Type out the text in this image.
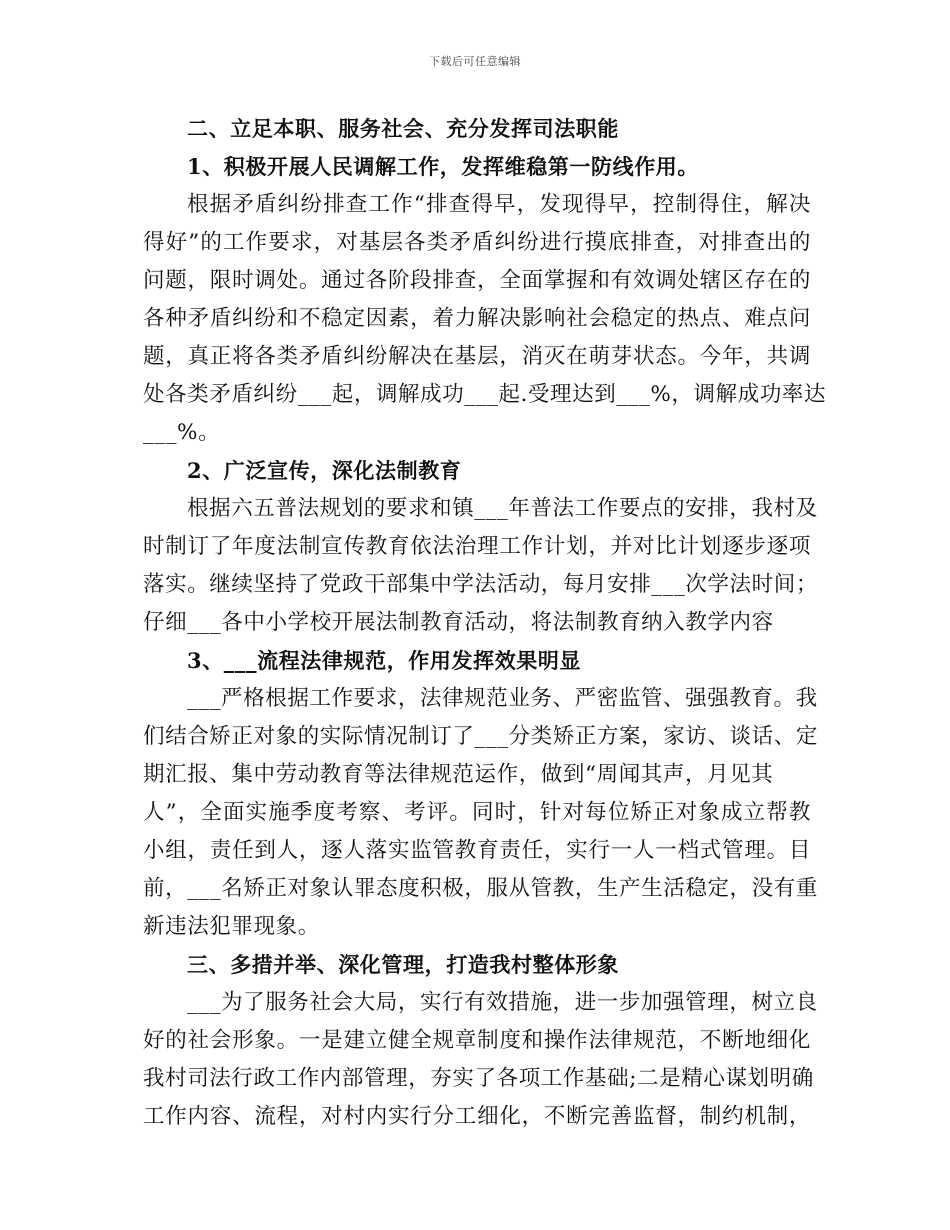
下载后可任意编辑
二、立足本职、服务社会、充分发挥司法职能
1、积极开展人民调解工作，发挥维稳第一防线作用。
根据矛盾纠纷排查工作“排查得早，发现得早，控制得住，解决
得好”的工作要求，对基层各类矛盾纠纷进行摸底排查，对排查出的
问题，限时调处。通过各阶段排查，全面掌握和有效调处辖区存在的
各种矛盾纠纷和不稳定因素，着力解决影响社会稳定的热点、难点问
题，真正将各类矛盾纠纷解决在基层，消灭在萌芽状态。今年，共调
处各类矛盾纠纷___起，调解成功___起.受理达到___%，调解成功率达
___%。
2、广泛宣传，深化法制教育
根据六五普法规划的要求和镇___年普法工作要点的安排，我村及
时制订了年度法制宣传教育依法治理工作计划，并对比计划逐步逐项
落实。继续坚持了党政干部集中学法活动，每月安排___次学法时间；
仔细___各中小学校开展法制教育活动，将法制教育纳入教学内容
3、___流程法律规范，作用发挥效果明显
___严格根据工作要求，法律规范业务、严密监管、强强教育。我
们结合矫正对象的实际情况制订了___分类矫正方案，家访、谈话、定
期汇报、集中劳动教育等法律规范运作，做到“周闻其声，月见其
人”，全面实施季度考察、考评。同时，针对每位矫正对象成立帮教
小组，责任到人，逐人落实监管教育责任，实行一人一档式管理。目
前，___名矫正对象认罪态度积极，服从管教，生产生活稳定，没有重
新违法犯罪现象。
三、多措并举、深化管理，打造我村整体形象
___为了服务社会大局，实行有效措施，进一步加强管理，树立良
好的社会形象。一是建立健全规章制度和操作法律规范，不断地细化
我村司法行政工作内部管理，夯实了各项工作基础;二是精心谋划明确
工作内容、流程，对村内实行分工细化，不断完善监督，制约机制，
